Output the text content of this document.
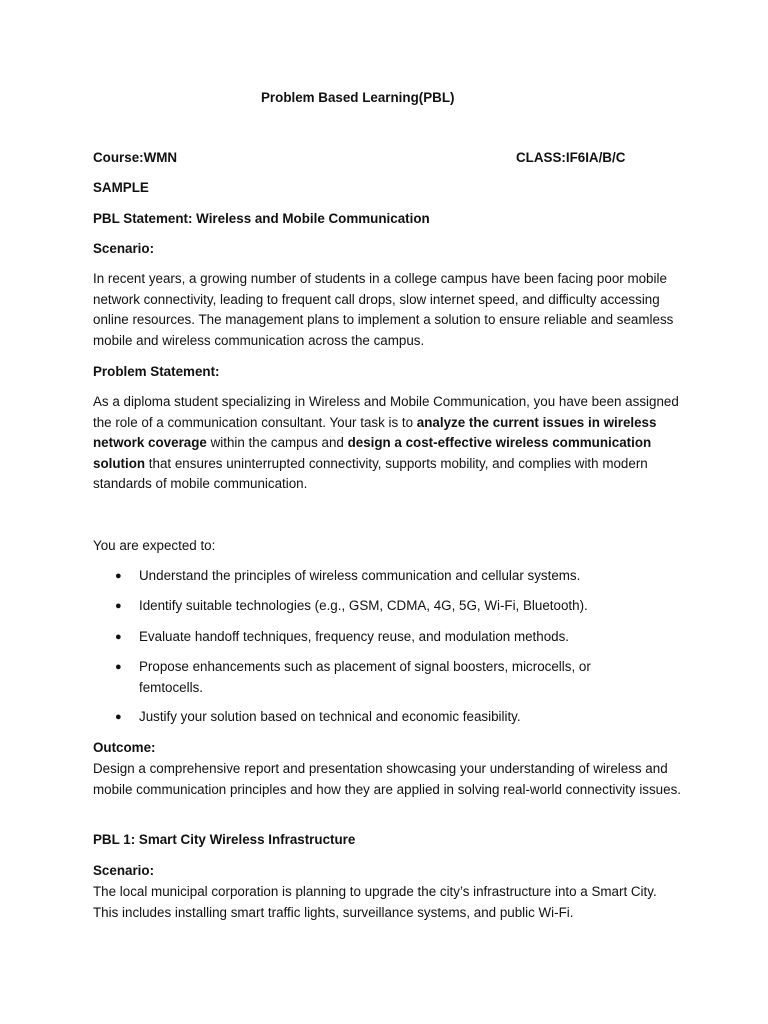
Problem Based Learning(PBL)
Course:WMN	CLASS:IF6IA/B/C
SAMPLE
PBL Statement: Wireless and Mobile Communication
Scenario:

In recent years, a growing number of students in a college campus have been facing poor mobile network connectivity, leading to frequent call drops, slow internet speed, and difficulty accessing online resources. The management plans to implement a solution to ensure reliable and seamless mobile and wireless communication across the campus.

Problem Statement:

As a diploma student specializing in Wireless and Mobile Communication, you have been assigned the role of a communication consultant. Your task is to analyze the current issues in wireless network coverage within the campus and design a cost-effective wireless communication solution that ensures uninterrupted connectivity, supports mobility, and complies with modern standards of mobile communication.

You are expected to:
● Understand the principles of wireless communication and cellular systems.
● Identify suitable technologies (e.g., GSM, CDMA, 4G, 5G, Wi-Fi, Bluetooth).
● Evaluate handoff techniques, frequency reuse, and modulation methods.
● Propose enhancements such as placement of signal boosters, microcells, or femtocells.
● Justify your solution based on technical and economic feasibility.
Outcome:

Design a comprehensive report and presentation showcasing your understanding of wireless and mobile communication principles and how they are applied in solving real-world connectivity issues.

PBL 1: Smart City Wireless Infrastructure
Scenario:

The local municipal corporation is planning to upgrade the city’s infrastructure into a Smart City. This includes installing smart traffic lights, surveillance systems, and public Wi-Fi.
